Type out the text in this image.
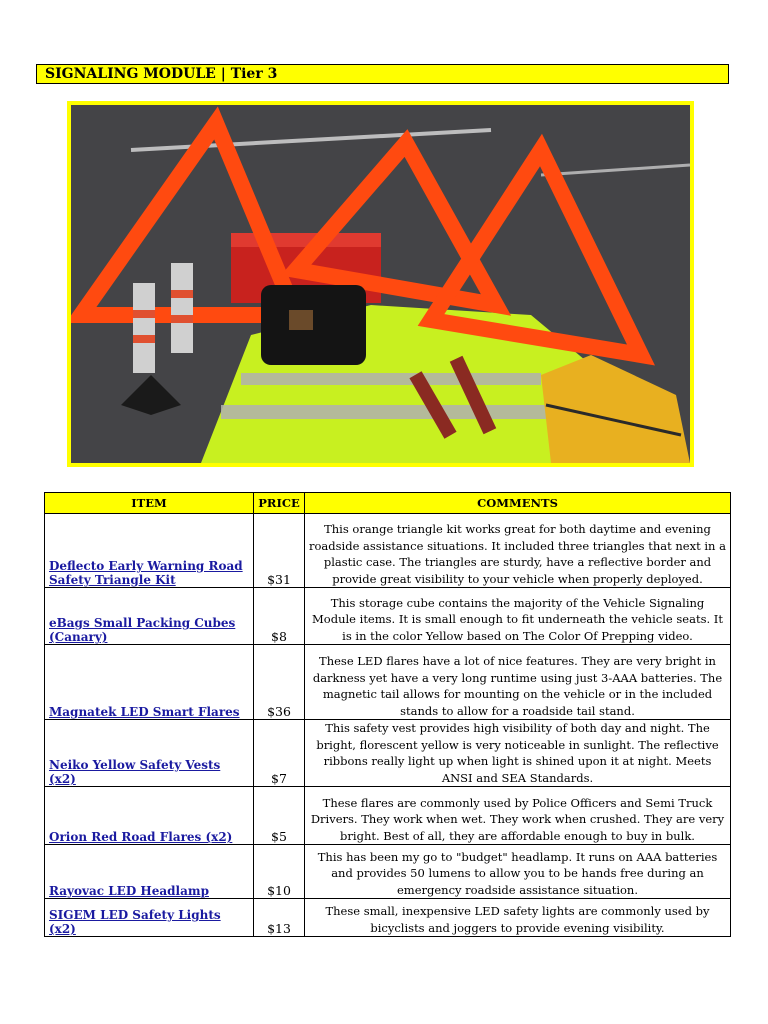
SIGNALING MODULE | Tier 3
ITEM	PRICE	COMMENTS
Deflecto Early Warning Road Safety Triangle Kit	$31	This orange triangle kit works great for both daytime and evening roadside assistance situations. It included three triangles that next in a plastic case. The triangles are sturdy, have a reflective border and provide great visibility to your vehicle when properly deployed.
eBags Small Packing Cubes (Canary)	$8	This storage cube contains the majority of the Vehicle Signaling Module items. It is small enough to fit underneath the vehicle seats. It is in the color Yellow based on The Color Of Prepping video.
Magnatek LED Smart Flares	$36	These LED flares have a lot of nice features. They are very bright in darkness yet have a very long runtime using just 3-AAA batteries. The magnetic tail allows for mounting on the vehicle or in the included stands to allow for a roadside tail stand.
Neiko Yellow Safety Vests (x2)	$7	This safety vest provides high visibility of both day and night. The bright, florescent yellow is very noticeable in sunlight. The reflective ribbons really light up when light is shined upon it at night. Meets ANSI and SEA Standards.
Orion Red Road Flares (x2)	$5	These flares are commonly used by Police Officers and Semi Truck Drivers. They work when wet. They work when crushed. They are very bright. Best of all, they are affordable enough to buy in bulk.
Rayovac LED Headlamp	$10	This has been my go to "budget" headlamp. It runs on AAA batteries and provides 50 lumens to allow you to be hands free during an emergency roadside assistance situation.
SIGEM LED Safety Lights (x2)	$13	These small, inexpensive LED safety lights are commonly used by bicyclists and joggers to provide evening visibility.
